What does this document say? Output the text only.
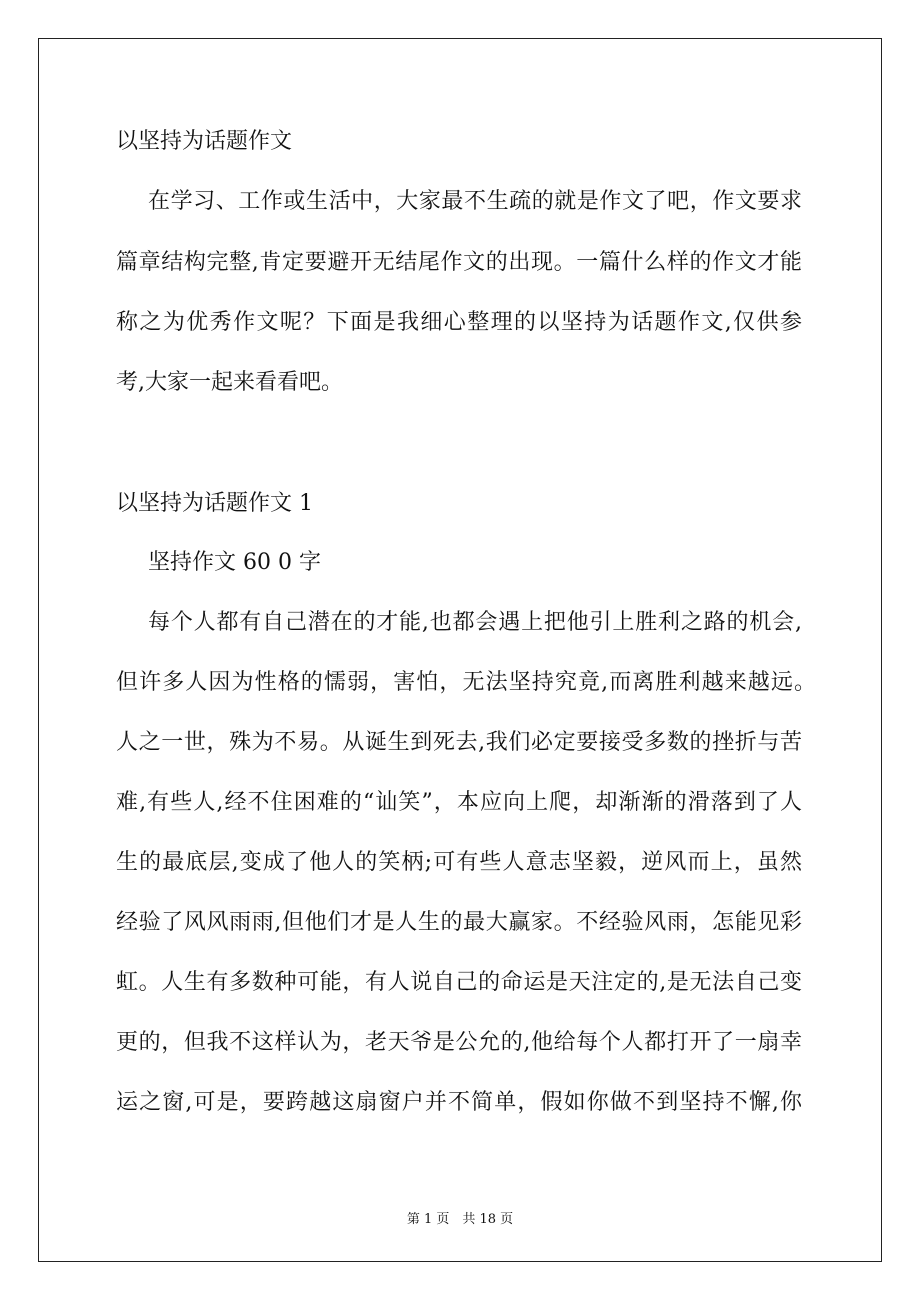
以坚持为话题作文
在学习、工作或生活中，大家最不生疏的就是作文了吧，作文要求
篇章结构完整,肯定要避开无结尾作文的出现。一篇什么样的作文才能
称之为优秀作文呢？下面是我细心整理的以坚持为话题作文,仅供参
考,大家一起来看看吧。
以坚持为话题作文 1
坚持作文 60 0 字
每个人都有自己潜在的才能,也都会遇上把他引上胜利之路的机会,
但许多人因为性格的懦弱，害怕，无法坚持究竟,而离胜利越来越远。
人之一世，殊为不易。从诞生到死去,我们必定要接受多数的挫折与苦
难,有些人,经不住困难的“讪笑”，本应向上爬，却渐渐的滑落到了人
生的最底层,变成了他人的笑柄;可有些人意志坚毅，逆风而上，虽然
经验了风风雨雨,但他们才是人生的最大赢家。不经验风雨，怎能见彩
虹。人生有多数种可能，有人说自己的命运是天注定的,是无法自己变
更的，但我不这样认为，老天爷是公允的,他给每个人都打开了一扇幸
运之窗,可是，要跨越这扇窗户并不简单，假如你做不到坚持不懈,你
第 1 页　共 18 页
